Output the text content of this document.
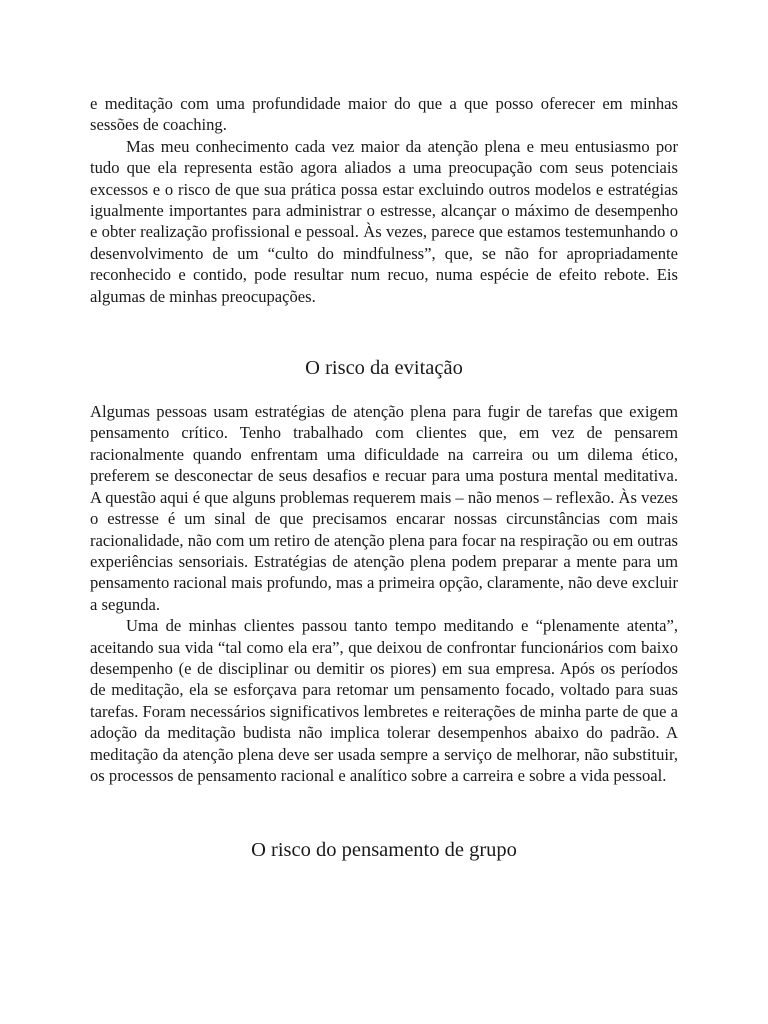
e meditação com uma profundidade maior do que a que posso oferecer em minhas sessões de coaching.

Mas meu conhecimento cada vez maior da atenção plena e meu entusiasmo por tudo que ela representa estão agora aliados a uma preocupação com seus potenciais excessos e o risco de que sua prática possa estar excluindo outros modelos e estratégias igualmente importantes para administrar o estresse, alcançar o máximo de desempenho e obter realização profissional e pessoal. Às vezes, parece que estamos testemunhando o desenvolvimento de um “culto do mindfulness”, que, se não for apropriadamente reconhecido e contido, pode resultar num recuo, numa espécie de efeito rebote. Eis algumas de minhas preocupações.

O risco da evitação

Algumas pessoas usam estratégias de atenção plena para fugir de tarefas que exigem pensamento crítico. Tenho trabalhado com clientes que, em vez de pensarem racionalmente quando enfrentam uma dificuldade na carreira ou um dilema ético, preferem se desconectar de seus desafios e recuar para uma postura mental meditativa. A questão aqui é que alguns problemas requerem mais – não menos – reflexão. Às vezes o estresse é um sinal de que precisamos encarar nossas circunstâncias com mais racionalidade, não com um retiro de atenção plena para focar na respiração ou em outras experiências sensoriais. Estratégias de atenção plena podem preparar a mente para um pensamento racional mais profundo, mas a primeira opção, claramente, não deve excluir a segunda.

Uma de minhas clientes passou tanto tempo meditando e “plenamente atenta”, aceitando sua vida “tal como ela era”, que deixou de confrontar funcionários com baixo desempenho (e de disciplinar ou demitir os piores) em sua empresa. Após os períodos de meditação, ela se esforçava para retomar um pensamento focado, voltado para suas tarefas. Foram necessários significativos lembretes e reiterações de minha parte de que a adoção da meditação budista não implica tolerar desempenhos abaixo do padrão. A meditação da atenção plena deve ser usada sempre a serviço de melhorar, não substituir, os processos de pensamento racional e analítico sobre a carreira e sobre a vida pessoal.

O risco do pensamento de grupo
